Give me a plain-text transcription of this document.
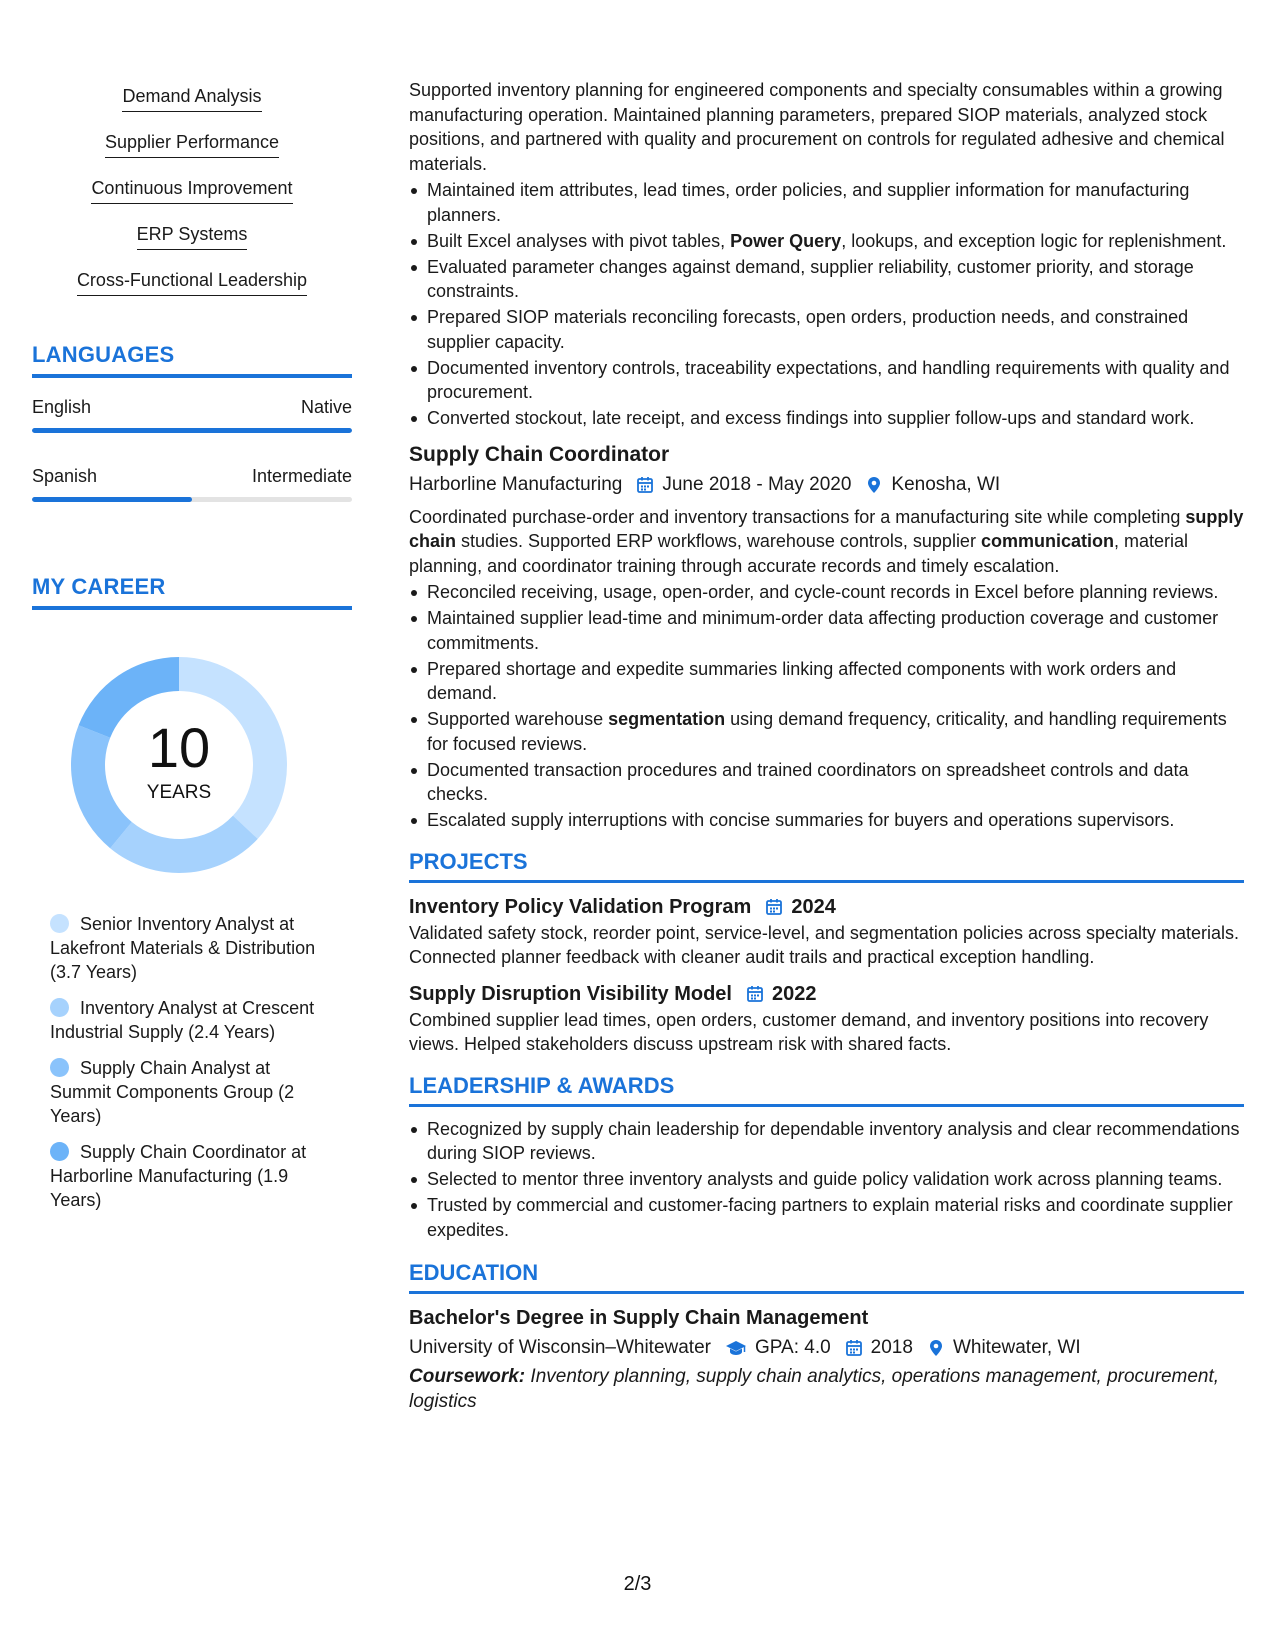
Demand Analysis
Supplier Performance
Continuous Improvement
ERP Systems
Cross-Functional Leadership
LANGUAGES
English	Native
Spanish	Intermediate
MY CAREER
10
YEARS
Senior Inventory Analyst at Lakefront Materials & Distribution (3.7 Years)
Inventory Analyst at Crescent Industrial Supply (2.4 Years)
Supply Chain Analyst at Summit Components Group (2 Years)
Supply Chain Coordinator at Harborline Manufacturing (1.9 Years)
Supported inventory planning for engineered components and specialty consumables within a growing manufacturing operation. Maintained planning parameters, prepared SIOP materials, analyzed stock positions, and partnered with quality and procurement on controls for regulated adhesive and chemical materials.
Maintained item attributes, lead times, order policies, and supplier information for manufacturing planners.
Built Excel analyses with pivot tables, Power Query, lookups, and exception logic for replenishment.
Evaluated parameter changes against demand, supplier reliability, customer priority, and storage constraints.
Prepared SIOP materials reconciling forecasts, open orders, production needs, and constrained supplier capacity.
Documented inventory controls, traceability expectations, and handling requirements with quality and procurement.
Converted stockout, late receipt, and excess findings into supplier follow-ups and standard work.
Supply Chain Coordinator
Harborline Manufacturing June 2018 - May 2020 Kenosha, WI
Coordinated purchase-order and inventory transactions for a manufacturing site while completing supply chain studies. Supported ERP workflows, warehouse controls, supplier communication, material planning, and coordinator training through accurate records and timely escalation.
Reconciled receiving, usage, open-order, and cycle-count records in Excel before planning reviews.
Maintained supplier lead-time and minimum-order data affecting production coverage and customer commitments.
Prepared shortage and expedite summaries linking affected components with work orders and demand.
Supported warehouse segmentation using demand frequency, criticality, and handling requirements for focused reviews.
Documented transaction procedures and trained coordinators on spreadsheet controls and data checks.
Escalated supply interruptions with concise summaries for buyers and operations supervisors.
PROJECTS
Inventory Policy Validation Program 2024
Validated safety stock, reorder point, service-level, and segmentation policies across specialty materials. Connected planner feedback with cleaner audit trails and practical exception handling.
Supply Disruption Visibility Model 2022
Combined supplier lead times, open orders, customer demand, and inventory positions into recovery views. Helped stakeholders discuss upstream risk with shared facts.
LEADERSHIP & AWARDS
Recognized by supply chain leadership for dependable inventory analysis and clear recommendations during SIOP reviews.
Selected to mentor three inventory analysts and guide policy validation work across planning teams.
Trusted by commercial and customer-facing partners to explain material risks and coordinate supplier expedites.
EDUCATION
Bachelor's Degree in Supply Chain Management
University of Wisconsin–Whitewater GPA: 4.0 2018 Whitewater, WI
Coursework: Inventory planning, supply chain analytics, operations management, procurement, logistics
2/3
